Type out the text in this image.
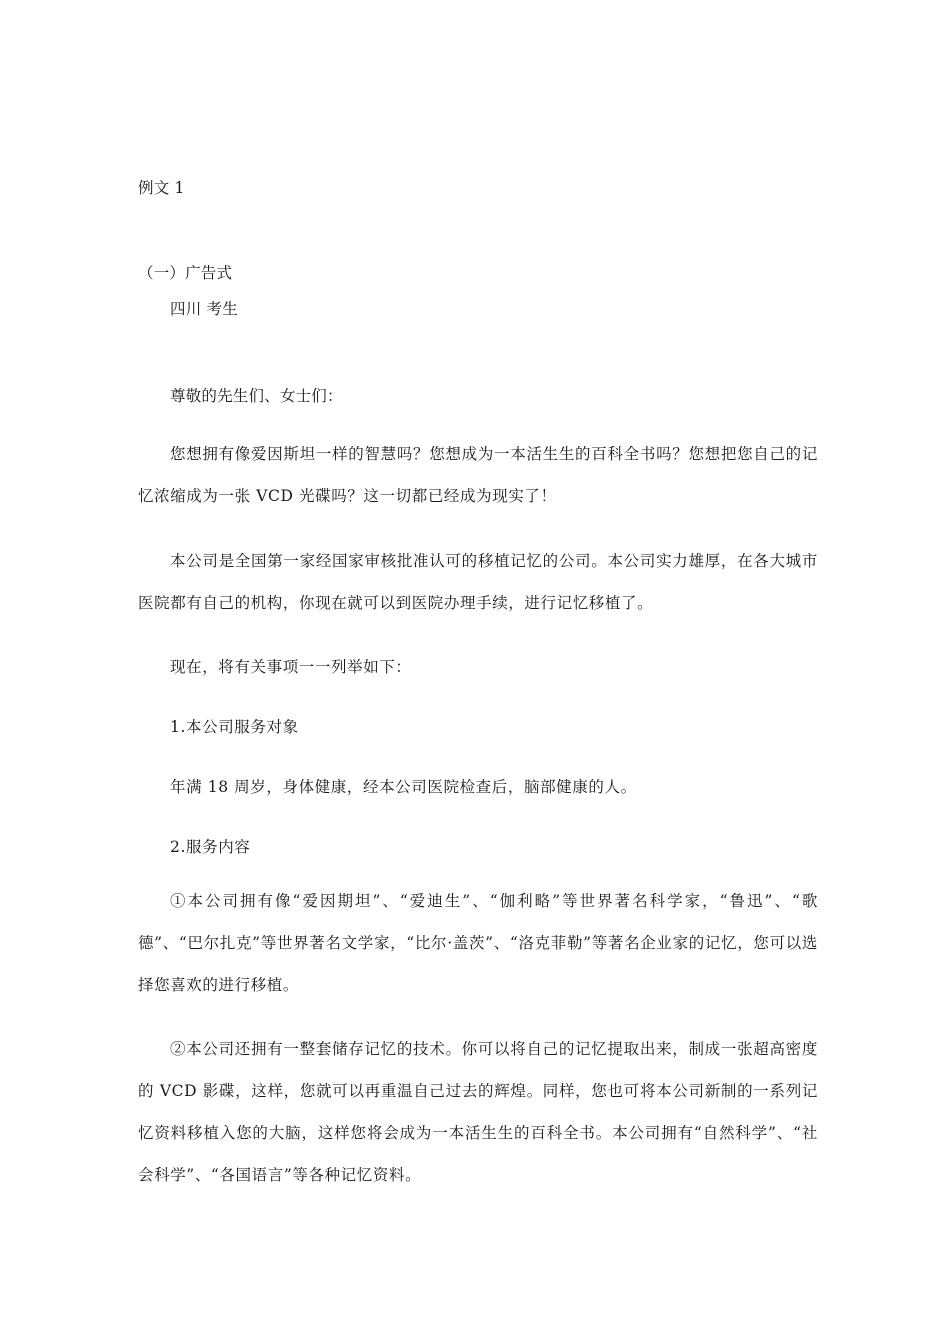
例文 1
（一）广告式
四川 考生
尊敬的先生们、女士们：
您想拥有像爱因斯坦一样的智慧吗？您想成为一本活生生的百科全书吗？您想把您自己的记忆浓缩成为一张 VCD 光碟吗？这一切都已经成为现实了！
本公司是全国第一家经国家审核批准认可的移植记忆的公司。本公司实力雄厚，在各大城市医院都有自己的机构，你现在就可以到医院办理手续，进行记忆移植了。
现在，将有关事项一一列举如下：
1.本公司服务对象
年满 18 周岁，身体健康，经本公司医院检查后，脑部健康的人。
2.服务内容
①本公司拥有像“爱因期坦”、“爱迪生”、“伽利略”等世界著名科学家，“鲁迅”、“歌德”、“巴尔扎克”等世界著名文学家，“比尔·盖茨”、“洛克菲勒”等著名企业家的记忆，您可以选择您喜欢的进行移植。
②本公司还拥有一整套储存记忆的技术。你可以将自己的记忆提取出来，制成一张超高密度的 VCD 影碟，这样，您就可以再重温自己过去的辉煌。同样，您也可将本公司新制的一系列记忆资料移植入您的大脑，这样您将会成为一本活生生的百科全书。本公司拥有“自然科学”、“社会科学”、“各国语言”等各种记忆资料。
